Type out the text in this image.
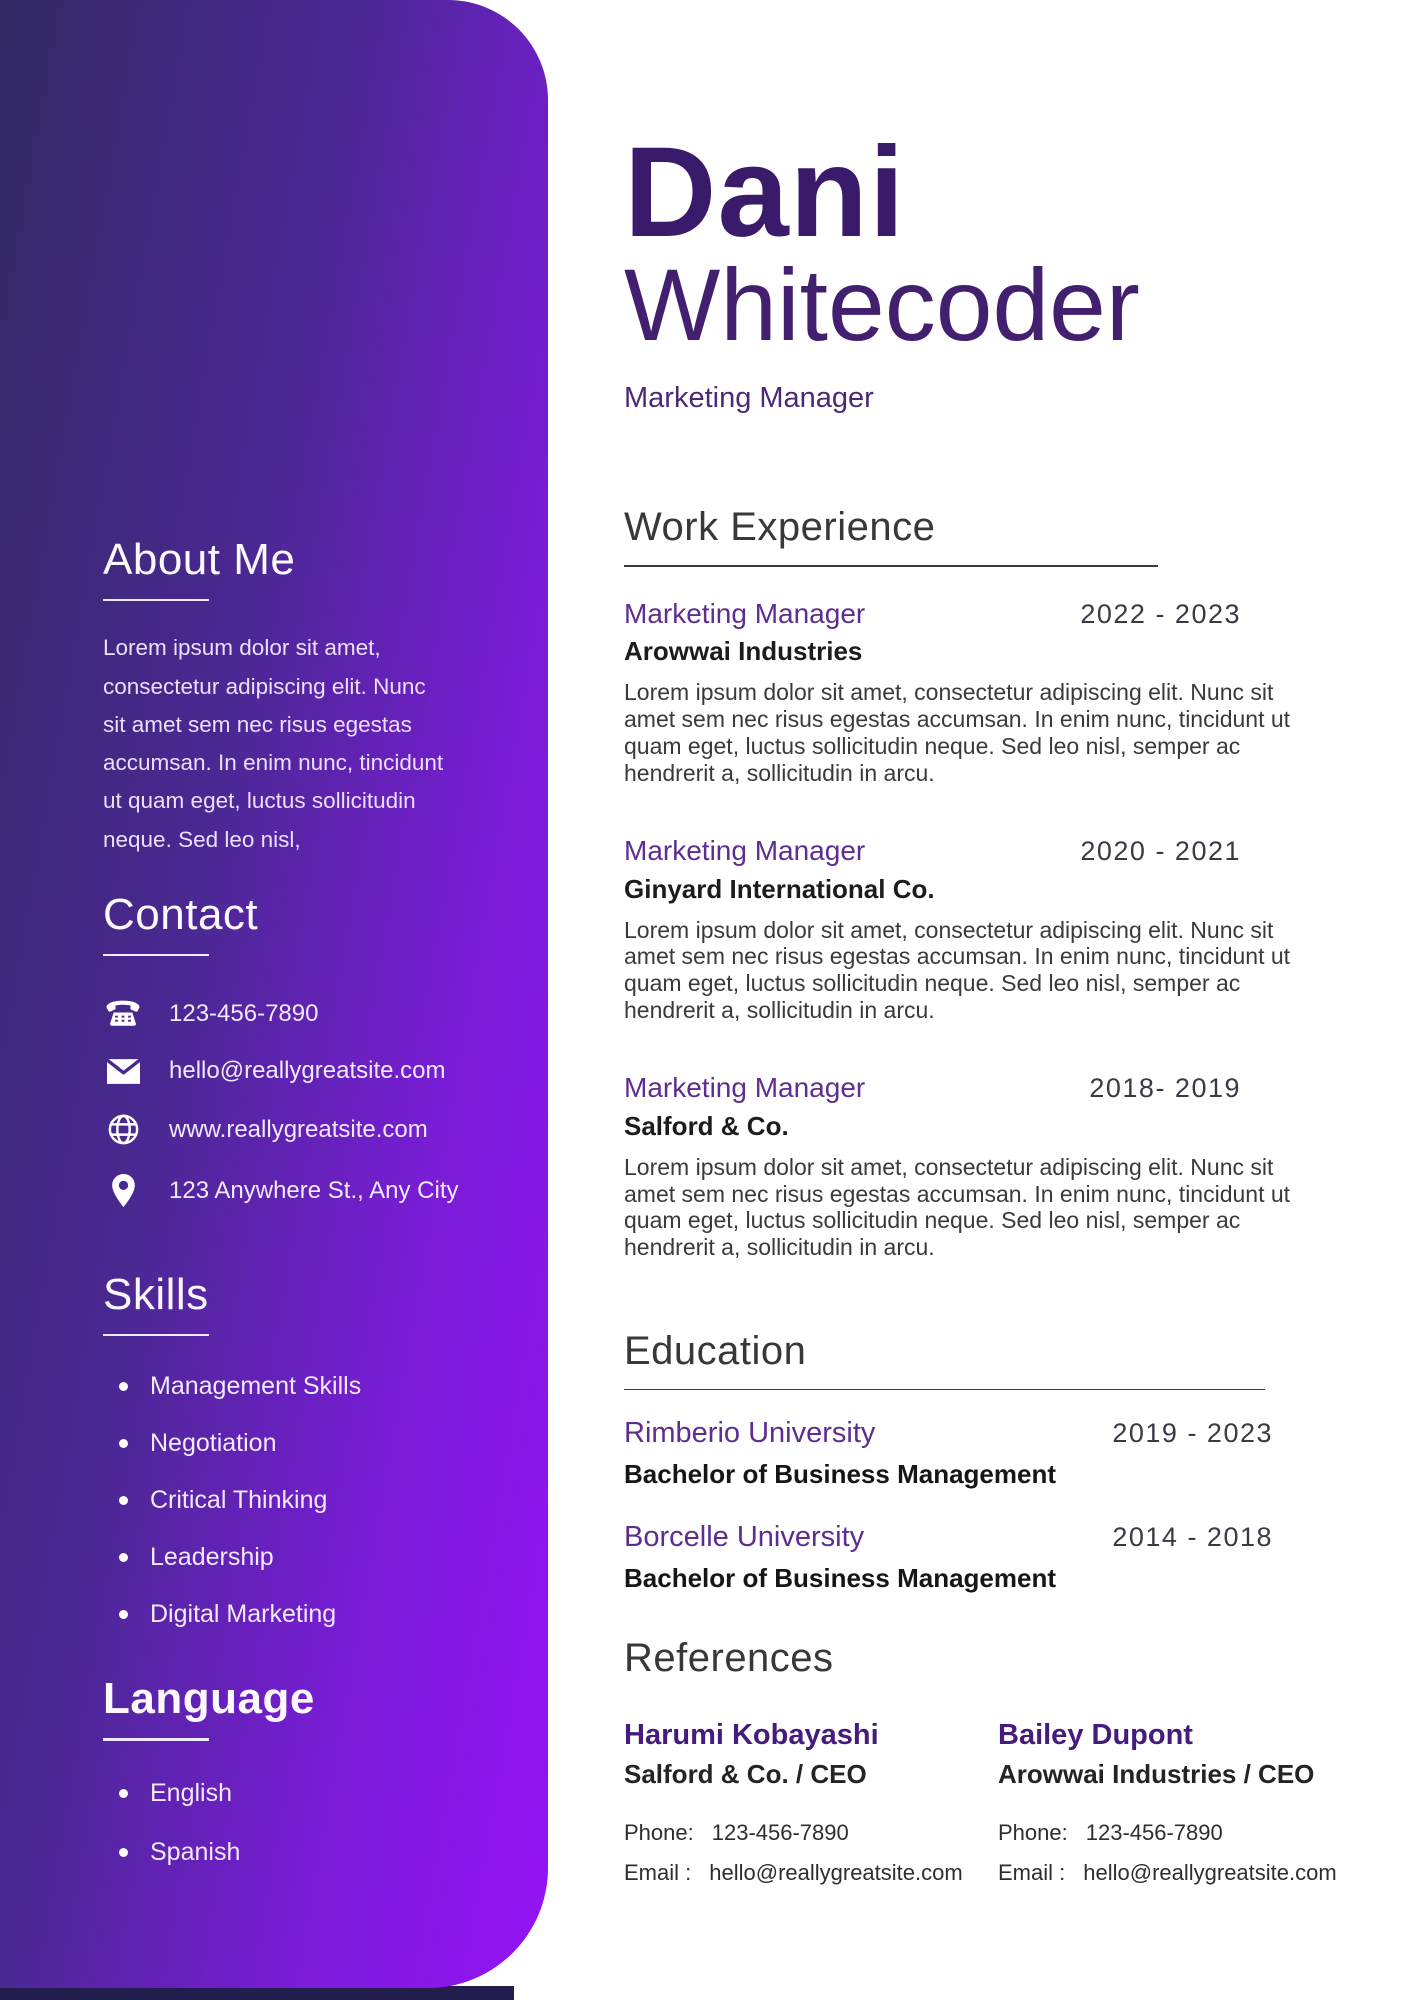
About Me

Lorem ipsum dolor sit amet, consectetur adipiscing elit. Nunc sit amet sem nec risus egestas accumsan. In enim nunc, tincidunt ut quam eget, luctus sollicitudin neque. Sed leo nisl,

Contact
123-456-7890
hello@reallygreatsite.com
www.reallygreatsite.com
123 Anywhere St., Any City
Skills
Management Skills
Negotiation
Critical Thinking
Leadership
Digital Marketing
Language
English
Spanish
Dani
Whitecoder
Marketing Manager
Work Experience
Marketing Manager	2022 - 2023
Arowwai Industries

Lorem ipsum dolor sit amet, consectetur adipiscing elit. Nunc sit amet sem nec risus egestas accumsan. In enim nunc, tincidunt ut quam eget, luctus sollicitudin neque. Sed leo nisl, semper ac hendrerit a, sollicitudin in arcu.

Marketing Manager	2020 - 2021
Ginyard International Co.

Lorem ipsum dolor sit amet, consectetur adipiscing elit. Nunc sit amet sem nec risus egestas accumsan. In enim nunc, tincidunt ut quam eget, luctus sollicitudin neque. Sed leo nisl, semper ac hendrerit a, sollicitudin in arcu.

Marketing Manager	2018- 2019
Salford & Co.

Lorem ipsum dolor sit amet, consectetur adipiscing elit. Nunc sit amet sem nec risus egestas accumsan. In enim nunc, tincidunt ut quam eget, luctus sollicitudin neque. Sed leo nisl, semper ac hendrerit a, sollicitudin in arcu.

Education
Rimberio University	2019 - 2023
Bachelor of Business Management
Borcelle University	2014 - 2018
Bachelor of Business Management
References
Harumi Kobayashi
Salford & Co. / CEO
Phone: 123-456-7890
Email : hello@reallygreatsite.com
Bailey Dupont
Arowwai Industries / CEO
Phone: 123-456-7890
Email : hello@reallygreatsite.com
